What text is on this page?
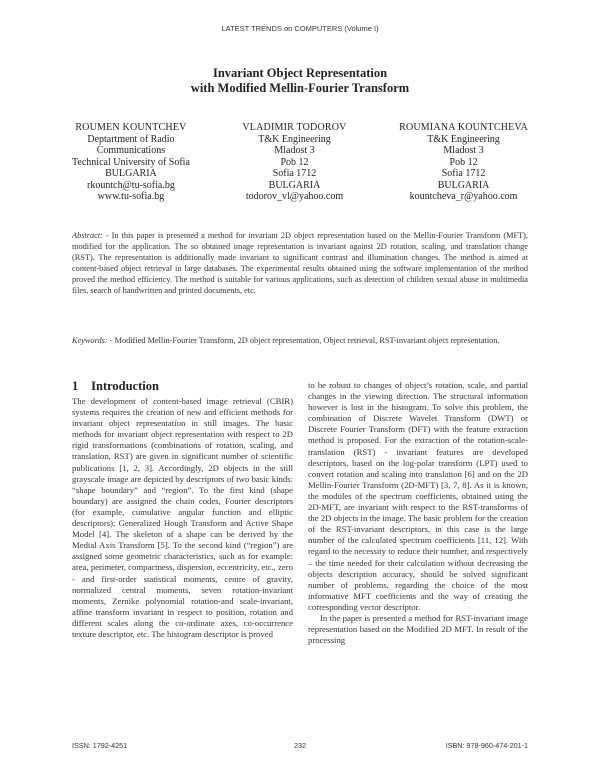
LATEST TRENDS on COMPUTERS (Volume I)
Invariant Object Representation
with Modified Mellin-Fourier Transform
ROUMEN KOUNTCHEV
Deptartment of Radio
Communications
Technical University of Sofia
BULGARIA
rkountch@tu-sofia.bg
www.tu-sofia.bg
VLADIMIR TODOROV
T&K Engineering
Mladost 3
Pob 12
Sofia 1712
BULGARIA
todorov_vl@yahoo.com
ROUMIANA KOUNTCHEVA
T&K Engineering
Mladost 3
Pob 12
Sofia 1712
BULGARIA
kountcheva_r@yahoo.com
Abstract: - In this paper is presented a method for invariant 2D object representation based on the Mellin-Fourier Transform (MFT), modified for the application. The so obtained image representation is invariant against 2D rotation, scaling, and translation change (RST). The representation is additionally made invariant to significant contrast and illumination changes. The method is aimed at content-based object retrieval in large databases. The experimental results obtained using the software implementation of the method proved the method efficiency. The method is suitable for various applications, such as detection of children sexual abuse in multimedia files, search of handwritten and printed documents, etc.
Keywords: - Modified Mellin-Fourier Transform, 2D object representation, Object retrieval, RST-invariant object representation.
1 Introduction

The development of content-based image retrieval (CBIR) systems requires the creation of new and efficient methods for invariant object representation in still images. The basic methods for invariant object representation with respect to 2D rigid transformations (combinations of rotation, scaling, and translation, RST) are given in significant number of scientific publications [1, 2, 3]. Accordingly, 2D objects in the still grayscale image are depicted by descriptors of two basic kinds: “shape boundary” and “region”. To the first kind (shape boundary) are assigned the chain codes, Fourier descriptors (for example, cumulative angular function and elliptic descriptors); Generalized Hough Transform and Active Shape Model [4]. The skeleton of a shape can be derived by the Medial Axis Transform [5]. To the second kind (“region”) are assigned some geometric characteristics, such as for example: area, perimeter, compactness, dispersion, eccentricity, etc., zero - and first-order statistical moments, centre of gravity, normalized central moments, seven rotation-invariant moments, Zernike polynomial rotation-and scale-invariant, affine transform invariant in respect to position, rotation and different scales along the co-ordinate axes, co-occurrence texture descriptor, etc. The histogram descriptor is proved

to be robust to changes of object’s rotation, scale, and partial changes in the viewing direction. The structural information however is lost in the histogram. To solve this problem, the combination of Discrete Wavelet Transform (DWT) or Discrete Fourier Transform (DFT) with the feature extraction method is proposed. For the extraction of the rotation-scale-translation (RST) - invariant features are developed descriptors, based on the log-polar transform (LPT) used to convert rotation and scaling into translation [6] and on the 2D Mellin-Fourier Transform (2D-MFT) [3, 7, 8]. As it is known, the modules of the spectrum coefficients, obtained using the 2D-MFT, are invariant with respect to the RST-transforms of the 2D objects in the image. The basic problem for the creation of the RST-invariant descriptors, in this case is the large number of the calculated spectrum coefficients [11, 12]. With regard to the necessity to reduce their number, and respectively – the time needed for their calculation without decreasing the objects description accuracy, should be solved significant number of problems, regarding the choice of the most informative MFT coefficients and the way of creating the corresponding vector descriptor.

In the paper is presented a method for RST-invariant image representation based on the Modified 2D MFT. In result of the processing

ISSN: 1792-4251	232	ISBN: 978-960-474-201-1
